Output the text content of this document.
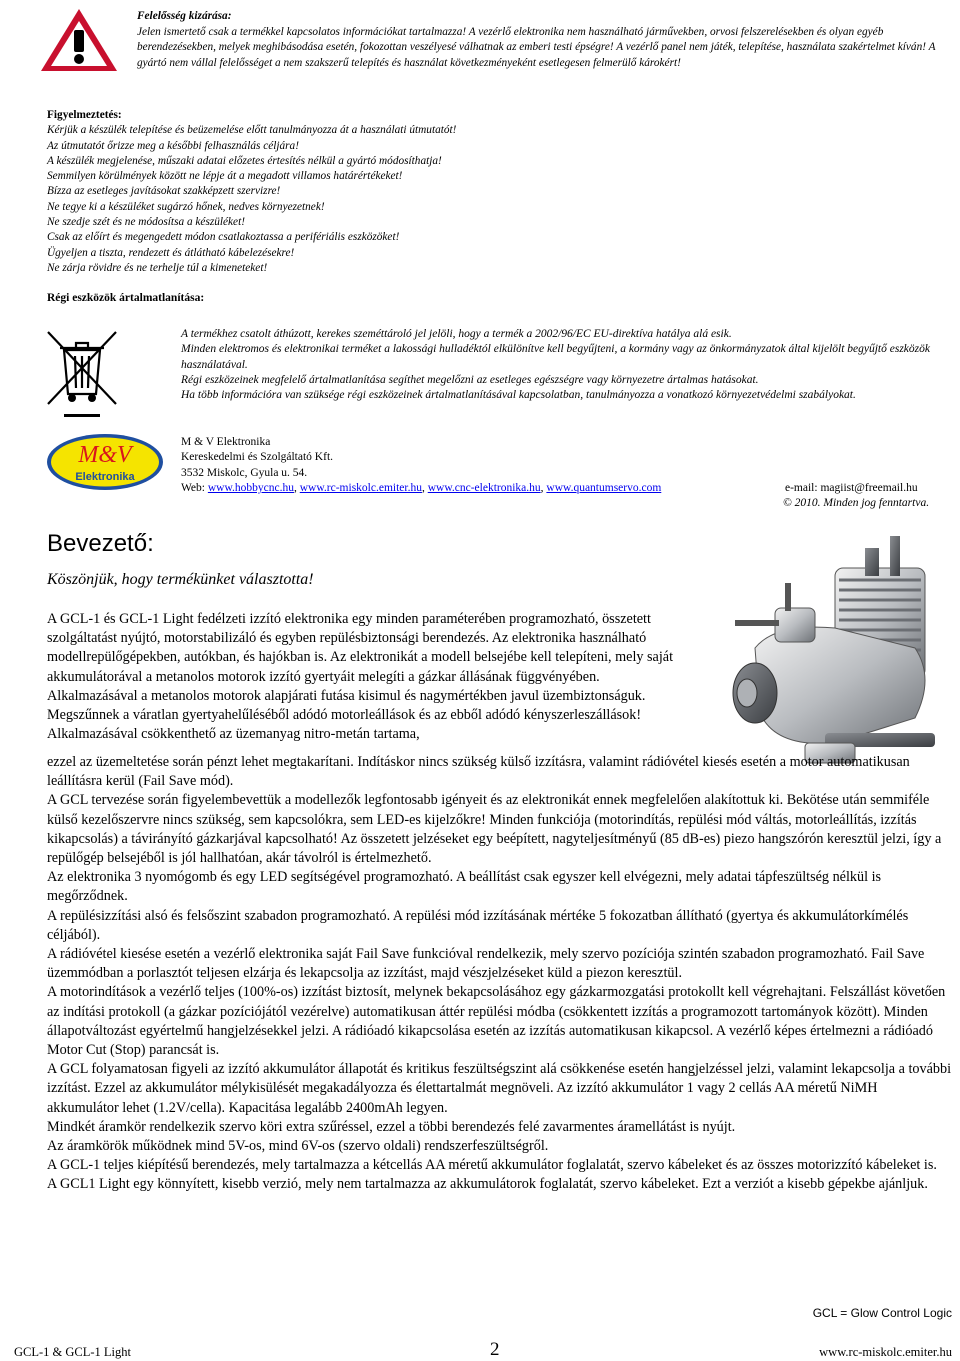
Felelősség kizárása:
Jelen ismertető csak a termékkel kapcsolatos információkat tartalmazza! A vezérlő elektronika nem használható járművekben, orvosi felszerelésekben és olyan egyéb berendezésekben, melyek meghibásodása esetén, fokozottan veszélyesé válhatnak az emberi testi épségre! A vezérlő panel nem játék, telepítése, használata szakértelmet kíván! A gyártó nem vállal felelősséget a nem szakszerű telepítés és használat következményeként esetlegesen felmerülő károkért!
Figyelmeztetés:
Kérjük a készülék telepítése és beüzemelése előtt tanulmányozza át a használati útmutatót!
Az útmutatót őrizze meg a későbbi felhasználás céljára!
A készülék megjelenése, műszaki adatai előzetes értesítés nélkül a gyártó módosíthatja!
Semmilyen körülmények között ne lépje át a megadott villamos határértékeket!
Bízza az esetleges javításokat szakképzett szervizre!
Ne tegye ki a készüléket sugárzó hőnek, nedves környezetnek!
Ne szedje szét és ne módosítsa a készüléket!
Csak az előírt és megengedett módon csatlakoztassa a perifériális eszközöket!
Ügyeljen a tiszta, rendezett és átlátható kábelezésekre!
Ne zárja rövidre és ne terhelje túl a kimeneteket!
Régi eszközök ártalmatlanítása:
A termékhez csatolt áthúzott, kerekes szeméttároló jel jelöli, hogy a termék a 2002/96/EC EU-direktíva hatálya alá esik.
Minden elektromos és elektronikai terméket a lakossági hulladéktól elkülönítve kell begyűjteni, a kormány vagy az önkormányzatok által kijelölt begyűjtő eszközök használatával.
Régi eszközeinek megfelelő ártalmatlanítása segíthet megelőzni az esetleges egészségre vagy környezetre ártalmas hatásokat.
Ha több információra van szüksége régi eszközeinek ártalmatlanításával kapcsolatban, tanulmányozza a vonatkozó környezetvédelmi szabályokat.
M&V
Elektronika
M & V Elektronika
Kereskedelmi és Szolgáltató Kft.
3532 Miskolc, Gyula u. 54.
Web: www.hobbycnc.hu, www.rc-miskolc.emiter.hu, www.cnc-elektronika.hu, www.quantumservo.com	e-mail: magiist@freemail.hu
© 2010. Minden jog fenntartva.
Bevezető:
Köszönjük, hogy termékünket választotta!

A GCL-1 és GCL-1 Light fedélzeti izzító elektronika egy minden paraméterében programozható, összetett szolgáltatást nyújtó, motorstabilizáló és egyben repülésbiztonsági berendezés. Az elektronika használható modellrepülőgépekben, autókban, és hajókban is. Az elektronikát a modell belsejébe kell telepíteni, mely saját akkumulátorával a metanolos motorok izzító gyertyáit melegíti a gázkar állásának függvényében.

Alkalmazásával a metanolos motorok alapjárati futása kisimul és nagymértékben javul üzembiztonságuk. Megszűnnek a váratlan gyertyahelűléséből adódó motorleállások és az ebből adódó kényszerleszállások! Alkalmazásával csökkenthető az üzemanyag nitro-metán tartama,

ezzel az üzemeltetése során pénzt lehet megtakarítani. Indításkor nincs szükség külső izzításra, valamint rádióvétel kiesés esetén a motor automatikusan leállításra kerül (Fail Save mód).

A GCL tervezése során figyelembevettük a modellezők legfontosabb igényeit és az elektronikát ennek megfelelően alakítottuk ki. Bekötése után semmiféle külső kezelőszervre nincs szükség, sem kapcsolókra, sem LED-es kijelzőkre! Minden funkciója (motorindítás, repülési mód váltás, motorleállítás, izzítás kikapcsolás) a távirányító gázkarjával kapcsolható! Az összetett jelzéseket egy beépített, nagyteljesítményű (85 dB-es) piezo hangszórón keresztül jelzi, így a repülőgép belsejéből is jól hallhatóan, akár távolról is értelmezhető.

Az elektronika 3 nyomógomb és egy LED segítségével programozható. A beállítást csak egyszer kell elvégezni, mely adatai tápfeszültség nélkül is megőrződnek.

A repülésizzítási alsó és felsőszint szabadon programozható. A repülési mód izzításának mértéke 5 fokozatban állítható (gyertya és akkumulátorkímélés céljából).

A rádióvétel kiesése esetén a vezérlő elektronika saját Fail Save funkcióval rendelkezik, mely szervo pozíciója szintén szabadon programozható. Fail Save üzemmódban a porlasztót teljesen elzárja és lekapcsolja az izzítást, majd vészjelzéseket küld a piezon keresztül.

A motorindítások a vezérlő teljes (100%-os) izzítást biztosít, melynek bekapcsolásához egy gázkarmozgatási protokollt kell végrehajtani. Felszállást követően az indítási protokoll (a gázkar pozíciójától vezérelve) automatikusan áttér repülési módba (csökkentett izzítás a programozott tartományok között). Minden állapotváltozást egyértelmű hangjelzésekkel jelzi. A rádióadó kikapcsolása esetén az izzítás automatikusan kikapcsol. A vezérlő képes értelmezni a rádióadó Motor Cut (Stop) parancsát is.

A GCL folyamatosan figyeli az izzító akkumulátor állapotát és kritikus feszültségszint alá csökkenése esetén hangjelzéssel jelzi, valamint lekapcsolja a további izzítást. Ezzel az akkumulátor mélykisülését megakadályozza és élettartalmát megnöveli. Az izzító akkumulátor 1 vagy 2 cellás AA méretű NiMH akkumulátor lehet (1.2V/cella). Kapacitása legalább 2400mAh legyen.

Mindkét áramkör rendelkezik szervo köri extra szűréssel, ezzel a többi berendezés felé zavarmentes áramellátást is nyújt.

Az áramkörök működnek mind 5V-os, mind 6V-os (szervo oldali) rendszerfeszültségről.

A GCL-1 teljes kiépítésű berendezés, mely tartalmazza a kétcellás AA méretű akkumulátor foglalatát, szervo kábeleket és az összes motorizzító kábeleket is.

A GCL1 Light egy könnyített, kisebb verzió, mely nem tartalmazza az akkumulátorok foglalatát, szervo kábeleket. Ezt a verziót a kisebb gépekbe ajánljuk.

GCL = Glow Control Logic
GCL-1 & GCL-1 Light	2	www.rc-miskolc.emiter.hu
